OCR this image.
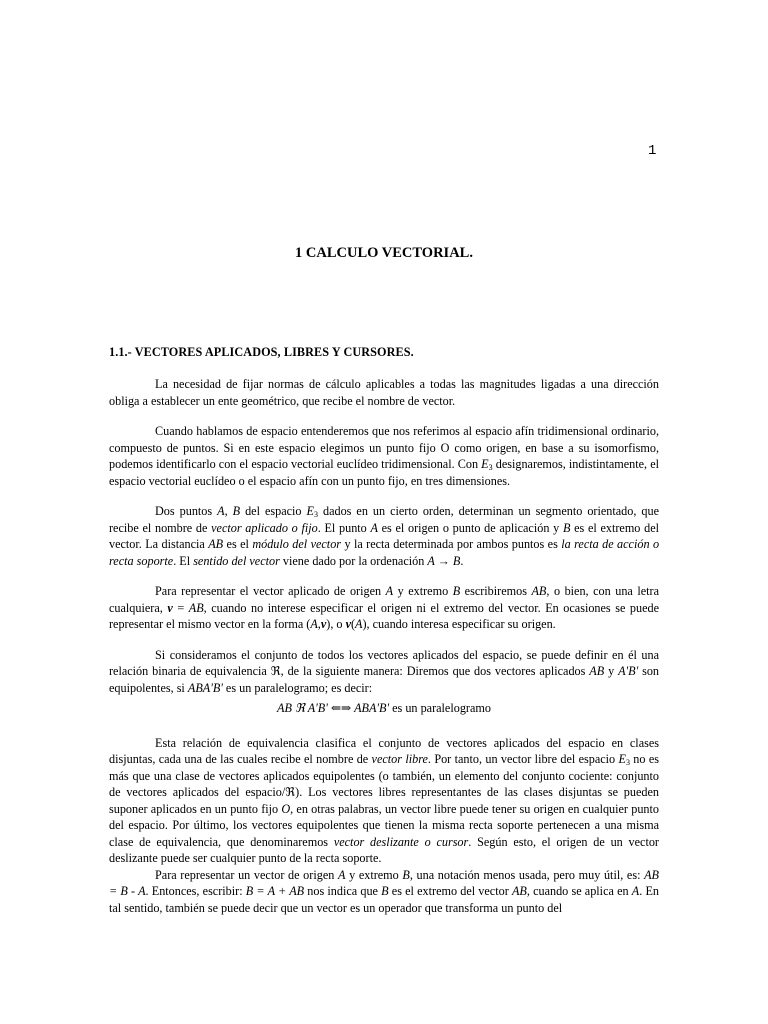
1
1 CALCULO VECTORIAL.
1.1.- VECTORES APLICADOS, LIBRES Y CURSORES.

La necesidad de fijar normas de cálculo aplicables a todas las magnitudes ligadas a una dirección obliga a establecer un ente geométrico, que recibe el nombre de vector.

Cuando hablamos de espacio entenderemos que nos referimos al espacio afín tridimensional ordinario, compuesto de puntos. Si en este espacio elegimos un punto fijo O como origen, en base a su isomorfismo, podemos identificarlo con el espacio vectorial euclídeo tridimensional. Con $E_3$ designaremos, indistintamente, el espacio vectorial euclídeo o el espacio afín con un punto fijo, en tres dimensiones.

Dos puntos A, B del espacio $E_3$ dados en un cierto orden, determinan un segmento orientado, que recibe el nombre de vector aplicado o fijo. El punto A es el origen o punto de aplicación y B es el extremo del vector. La distancia AB es el módulo del vector y la recta determinada por ambos puntos es la recta de acción o recta soporte. El sentido del vector viene dado por la ordenación A → B.

Para representar el vector aplicado de origen A y extremo B escribiremos AB, o bien, con una letra cualquiera, v = AB, cuando no interese especificar el origen ni el extremo del vector. En ocasiones se puede representar el mismo vector en la forma (A,v), o v(A), cuando interesa especificar su origen.

Si consideramos el conjunto de todos los vectores aplicados del espacio, se puede definir en él una relación binaria de equivalencia ℜ, de la siguiente manera: Diremos que dos vectores aplicados AB y A'B' son equipolentes, si ABA'B' es un paralelogramo; es decir:

AB ℜ A'B' ⇐⇒ ABA'B' es un paralelogramo

Esta relación de equivalencia clasifica el conjunto de vectores aplicados del espacio en clases disjuntas, cada una de las cuales recibe el nombre de vector libre. Por tanto, un vector libre del espacio $E_3$ no es más que una clase de vectores aplicados equipolentes (o también, un elemento del conjunto cociente: conjunto de vectores aplicados del espacio/ℜ). Los vectores libres representantes de las clases disjuntas se pueden suponer aplicados en un punto fijo O, en otras palabras, un vector libre puede tener su origen en cualquier punto del espacio. Por último, los vectores equipolentes que tienen la misma recta soporte pertenecen a una misma clase de equivalencia, que denominaremos vector deslizante o cursor. Según esto, el origen de un vector deslizante puede ser cualquier punto de la recta soporte.

Para representar un vector de origen A y extremo B, una notación menos usada, pero muy útil, es: AB = B - A. Entonces, escribir: B = A + AB nos indica que B es el extremo del vector AB, cuando se aplica en A. En tal sentido, también se puede decir que un vector es un operador que transforma un punto del
